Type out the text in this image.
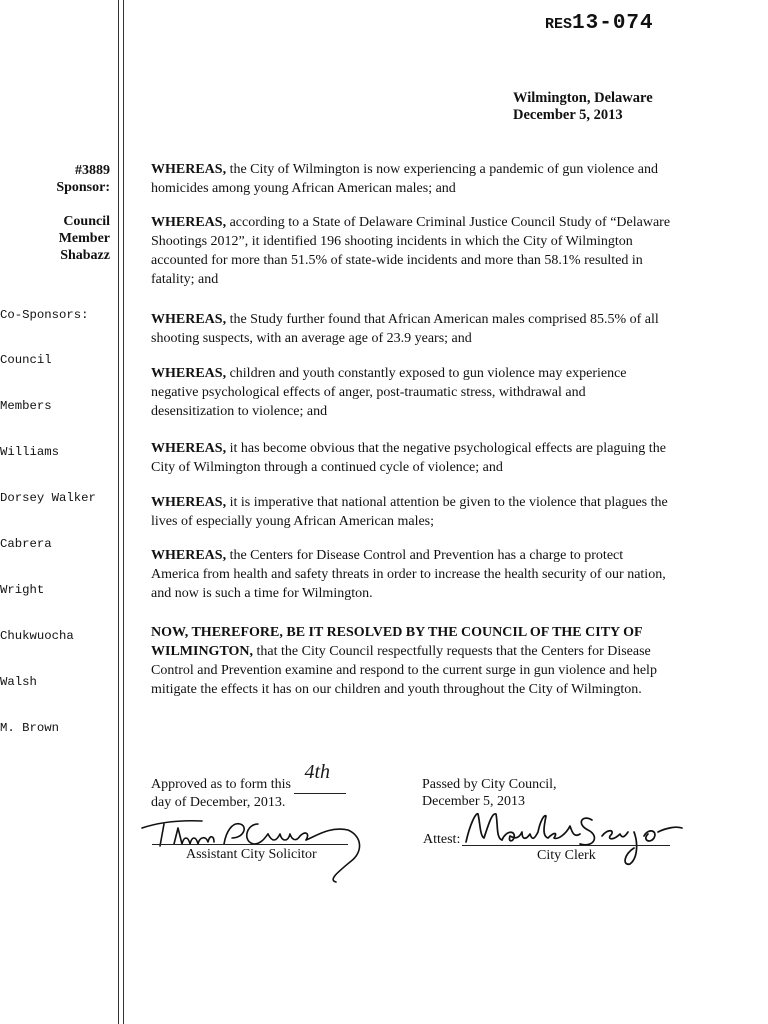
RES13-074
Wilmington, Delaware
December 5, 2013
#3889
Sponsor:
Council
Member
Shabazz

Co-Sponsors:

Council

Members

Williams

Dorsey Walker

Cabrera

Wright

Chukwuocha

Walsh

M. Brown

WHEREAS, the City of Wilmington is now experiencing a pandemic of gun violence and homicides among young African American males; and
WHEREAS, according to a State of Delaware Criminal Justice Council Study of “Delaware Shootings 2012”, it identified 196 shooting incidents in which the City of Wilmington accounted for more than 51.5% of state-wide incidents and more than 58.1% resulted in fatality; and
WHEREAS, the Study further found that African American males comprised 85.5% of all shooting suspects, with an average age of 23.9 years; and
WHEREAS, children and youth constantly exposed to gun violence may experience negative psychological effects of anger, post-traumatic stress, withdrawal and desensitization to violence; and
WHEREAS, it has become obvious that the negative psychological effects are plaguing the City of Wilmington through a continued cycle of violence; and
WHEREAS, it is imperative that national attention be given to the violence that plagues the lives of especially young African American males;
WHEREAS, the Centers for Disease Control and Prevention has a charge to protect America from health and safety threats in order to increase the health security of our nation, and now is such a time for Wilmington.
NOW, THEREFORE, BE IT RESOLVED BY THE COUNCIL OF THE CITY OF WILMINGTON, that the City Council respectfully requests that the Centers for Disease Control and Prevention examine and respond to the current surge in gun violence and help mitigate the effects it has on our children and youth throughout the City of Wilmington.
Approved as to form this
4th

day of December, 2013.
Assistant City Solicitor
Passed by City Council,
December 5, 2013
Attest:
City Clerk
